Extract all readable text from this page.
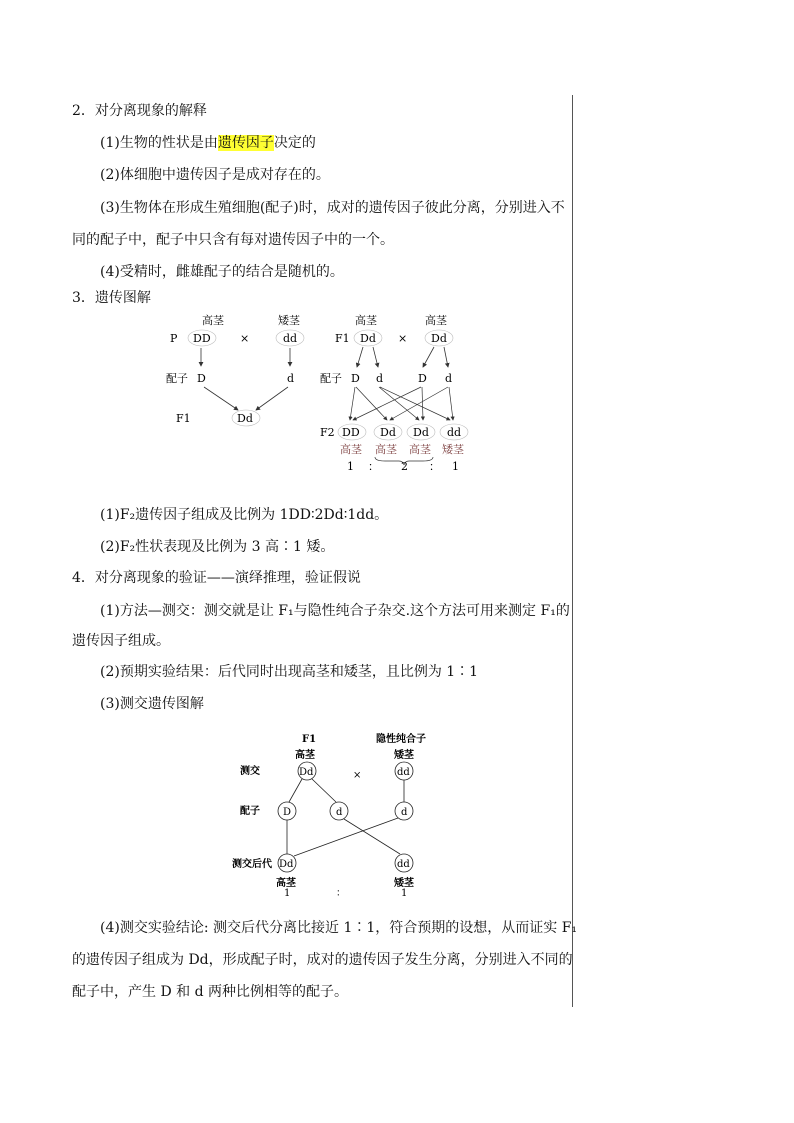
2．对分离现象的解释
(1)生物的性状是由遗传因子决定的
(2)体细胞中遗传因子是成对存在的。
(3)生物体在形成生殖细胞(配子)时，成对的遗传因子彼此分离，分别进入不
同的配子中，配子中只含有每对遗传因子中的一个。
(4)受精时，雌雄配子的结合是随机的。
3．遗传图解
高茎	矮茎
P DD	×	dd
配子 D	d
F1	Dd
高茎	高茎
F1 Dd × Dd
配子 D d	D d
F2 DD Dd Dd dd
高茎 高茎 高茎 矮茎
1 ： 2 ： 1
(1)F₂遗传因子组成及比例为 1DD∶2Dd∶1dd。
(2)F₂性状表现及比例为 3 高∶1 矮。
4．对分离现象的验证——演绎推理，验证假说
(1)方法—测交：测交就是让 F₁与隐性纯合子杂交.这个方法可用来测定 F₁的
遗传因子组成。
(2)预期实验结果：后代同时出现高茎和矮茎，且比例为 1∶1
(3)测交遗传图解
F1	隐性纯合子
高茎	矮茎
测交	Dd	×	dd
配子 D	d	d
测交后代 Dd	dd
高茎	矮茎
1	：	1
(4)测交实验结论: 测交后代分离比接近 1∶1，符合预期的设想，从而证实 F₁
的遗传因子组成为 Dd，形成配子时，成对的遗传因子发生分离，分别进入不同的
配子中，产生 D 和 d 两种比例相等的配子。
